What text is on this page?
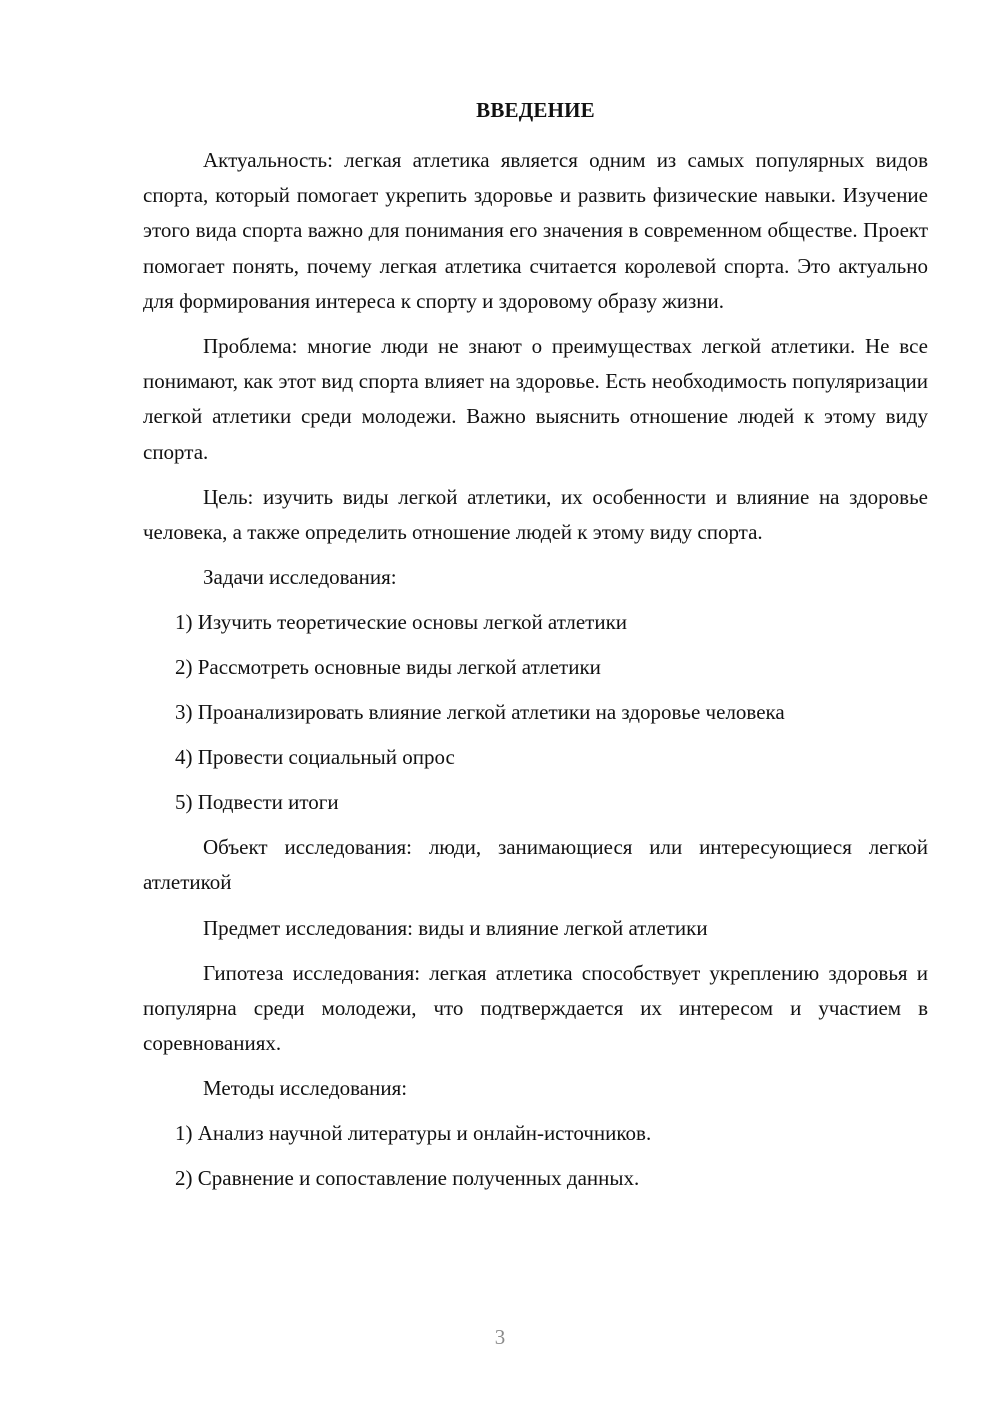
ВВЕДЕНИЕ

Актуальность: легкая атлетика является одним из самых популярных видов спорта, который помогает укрепить здоровье и развить физические навыки. Изучение этого вида спорта важно для понимания его значения в современном обществе. Проект помогает понять, почему легкая атлетика считается королевой спорта. Это актуально для формирования интереса к спорту и здоровому образу жизни.

Проблема: многие люди не знают о преимуществах легкой атлетики. Не все понимают, как этот вид спорта влияет на здоровье. Есть необходимость популяризации легкой атлетики среди молодежи. Важно выяснить отношение людей к этому виду спорта.

Цель: изучить виды легкой атлетики, их особенности и влияние на здоровье человека, а также определить отношение людей к этому виду спорта.

Задачи исследования:

1) Изучить теоретические основы легкой атлетики

2) Рассмотреть основные виды легкой атлетики

3) Проанализировать влияние легкой атлетики на здоровье человека

4) Провести социальный опрос

5) Подвести итоги

Объект исследования: люди, занимающиеся или интересующиеся легкой атлетикой

Предмет исследования: виды и влияние легкой атлетики

Гипотеза исследования: легкая атлетика способствует укреплению здоровья и популярна среди молодежи, что подтверждается их интересом и участием в соревнованиях.

Методы исследования:

1) Анализ научной литературы и онлайн-источников.

2) Сравнение и сопоставление полученных данных.

3
